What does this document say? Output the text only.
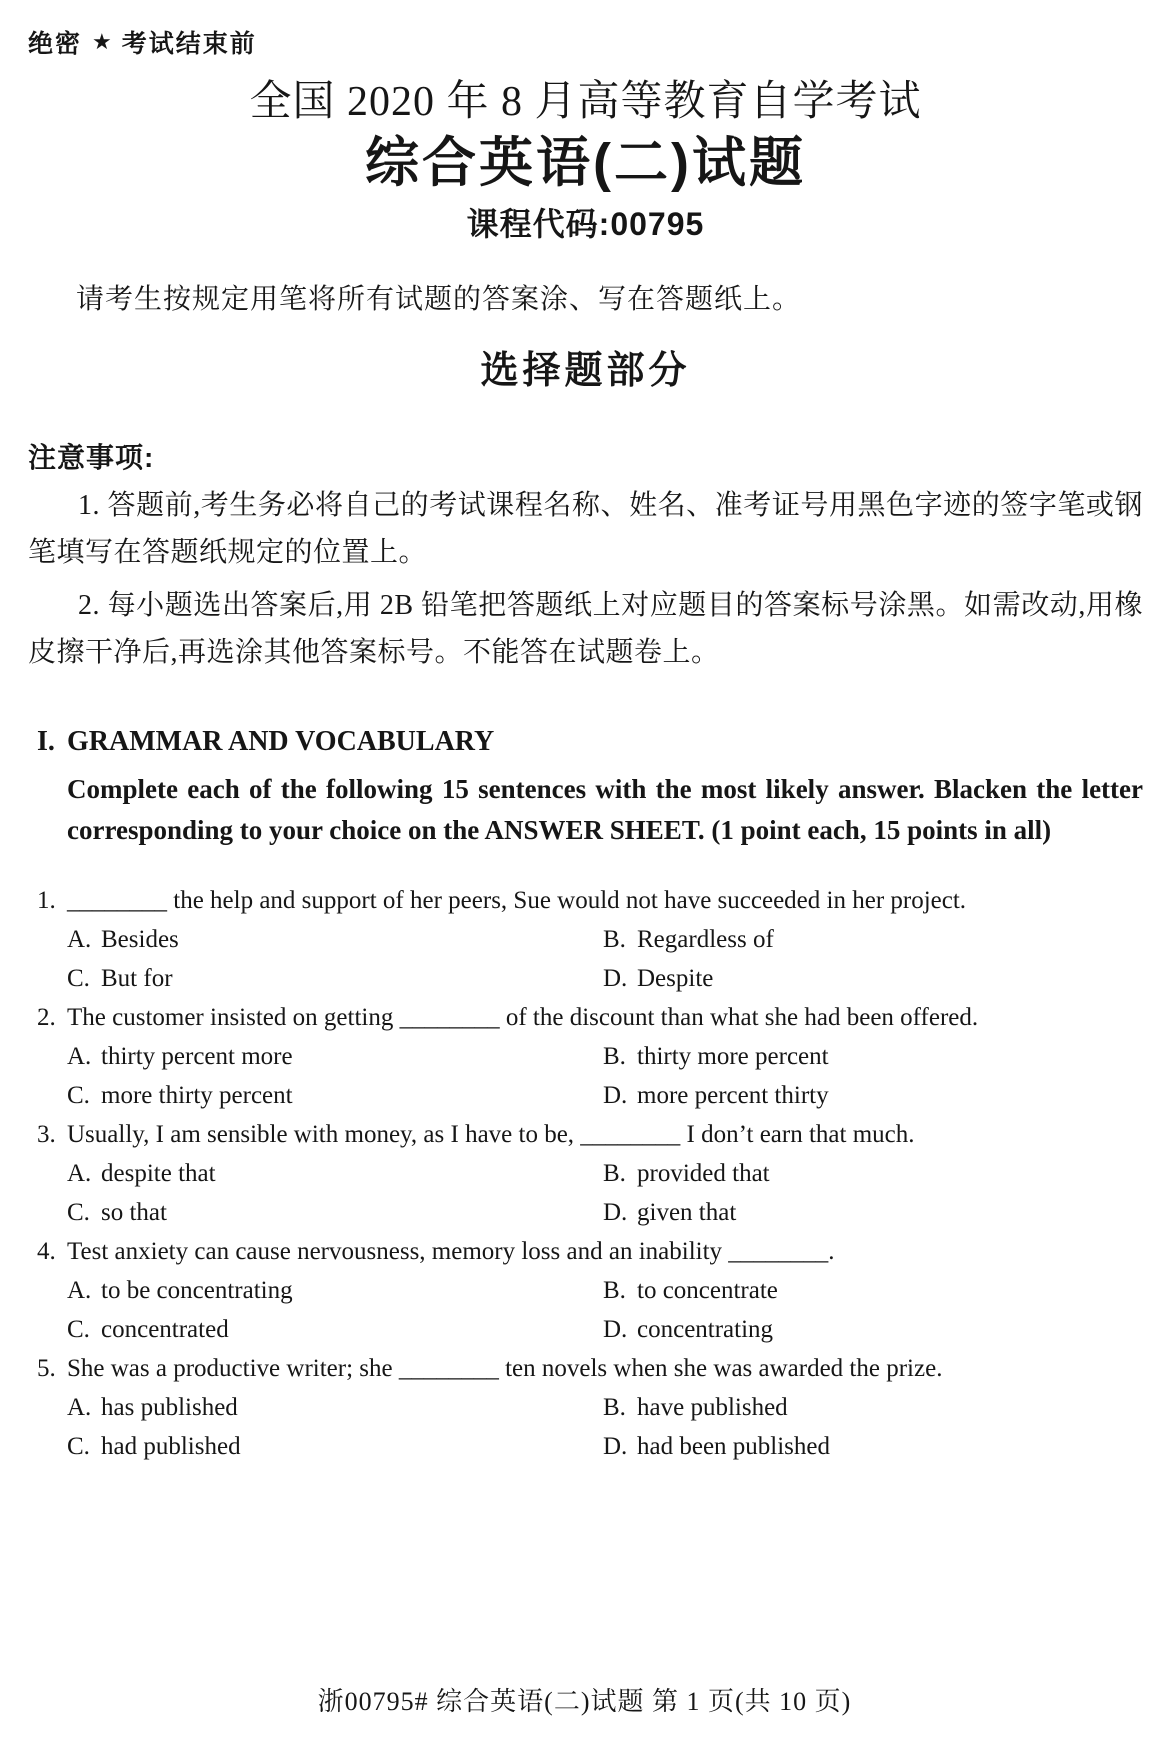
绝密 ★ 考试结束前
全国 2020 年 8 月高等教育自学考试
综合英语(二)试题
课程代码:00795

请考生按规定用笔将所有试题的答案涂、写在答题纸上。

选择题部分
注意事项:

1. 答题前,考生务必将自己的考试课程名称、姓名、准考证号用黑色字迹的签字笔或钢笔填写在答题纸规定的位置上。

2. 每小题选出答案后,用 2B 铅笔把答题纸上对应题目的答案标号涂黑。如需改动,用橡皮擦干净后,再选涂其他答案标号。不能答在试题卷上。

I. GRAMMAR AND VOCABULARY

Complete each of the following 15 sentences with the most likely answer. Blacken the letter corresponding to your choice on the ANSWER SHEET. (1 point each, 15 points in all)

1. ________ the help and support of her peers, Sue would not have succeeded in her project.

A. Besides	B. Regardless of

C. But for	D. Despite

2. The customer insisted on getting ________ of the discount than what she had been offered.

A. thirty percent more	B. thirty more percent

C. more thirty percent	D. more percent thirty

3. Usually, I am sensible with money, as I have to be, ________ I don’t earn that much.

A. despite that	B. provided that

C. so that	D. given that

4. Test anxiety can cause nervousness, memory loss and an inability ________.

A. to be concentrating	B. to concentrate

C. concentrated	D. concentrating

5. She was a productive writer; she ________ ten novels when she was awarded the prize.

A. has published	B. have published

C. had published	D. had been published

浙00795# 综合英语(二)试题 第 1 页(共 10 页)
